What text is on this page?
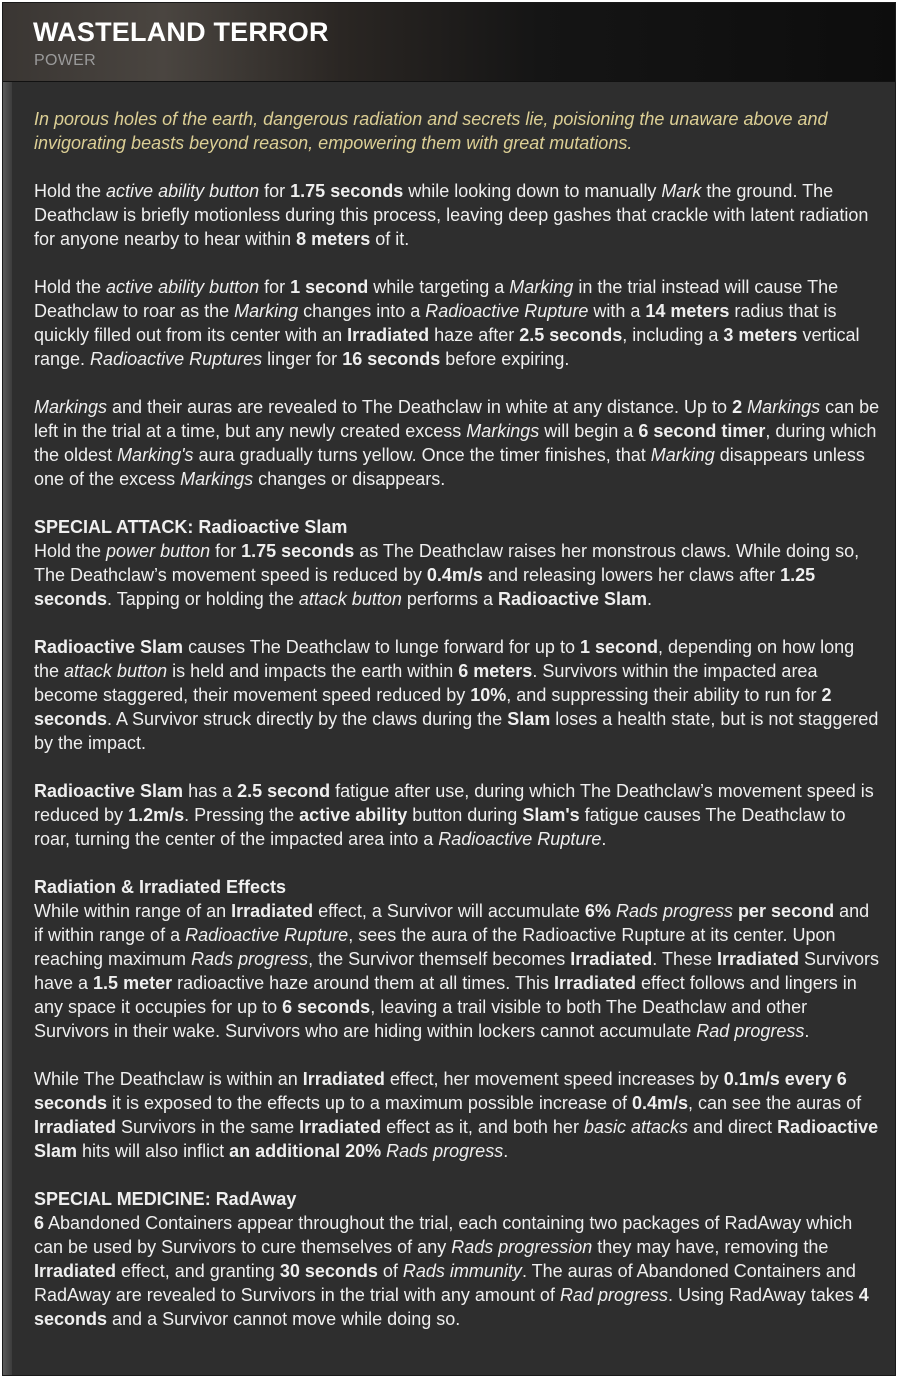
WASTELAND TERROR
POWER

In porous holes of the earth, dangerous radiation and secrets lie, poisioning the unaware above and invigorating beasts beyond reason, empowering them with great mutations.

Hold the active ability button for 1.75 seconds while looking down to manually Mark the ground. The Deathclaw is briefly motionless during this process, leaving deep gashes that crackle with latent radiation for anyone nearby to hear within 8 meters of it.

Hold the active ability button for 1 second while targeting a Marking in the trial instead will cause The Deathclaw to roar as the Marking changes into a Radioactive Rupture with a 14 meters radius that is quickly filled out from its center with an Irradiated haze after 2.5 seconds, including a 3 meters vertical range. Radioactive Ruptures linger for 16 seconds before expiring.

Markings and their auras are revealed to The Deathclaw in white at any distance. Up to 2 Markings can be left in the trial at a time, but any newly created excess Markings will begin a 6 second timer, during which the oldest Marking's aura gradually turns yellow. Once the timer finishes, that Marking disappears unless one of the excess Markings changes or disappears.

SPECIAL ATTACK: Radioactive Slam
Hold the power button for 1.75 seconds as The Deathclaw raises her monstrous claws. While doing so, The Deathclaw’s movement speed is reduced by 0.4m/s and releasing lowers her claws after 1.25 seconds. Tapping or holding the attack button performs a Radioactive Slam.

Radioactive Slam causes The Deathclaw to lunge forward for up to 1 second, depending on how long the attack button is held and impacts the earth within 6 meters. Survivors within the impacted area become staggered, their movement speed reduced by 10%, and suppressing their ability to run for 2 seconds. A Survivor struck directly by the claws during the Slam loses a health state, but is not staggered by the impact.

Radioactive Slam has a 2.5 second fatigue after use, during which The Deathclaw’s movement speed is reduced by 1.2m/s. Pressing the active ability button during Slam's fatigue causes The Deathclaw to roar, turning the center of the impacted area into a Radioactive Rupture.

Radiation & Irradiated Effects
While within range of an Irradiated effect, a Survivor will accumulate 6% Rads progress per second and if within range of a Radioactive Rupture, sees the aura of the Radioactive Rupture at its center. Upon reaching maximum Rads progress, the Survivor themself becomes Irradiated. These Irradiated Survivors have a 1.5 meter radioactive haze around them at all times. This Irradiated effect follows and lingers in any space it occupies for up to 6 seconds, leaving a trail visible to both The Deathclaw and other Survivors in their wake. Survivors who are hiding within lockers cannot accumulate Rad progress.

While The Deathclaw is within an Irradiated effect, her movement speed increases by 0.1m/s every 6 seconds it is exposed to the effects up to a maximum possible increase of 0.4m/s, can see the auras of Irradiated Survivors in the same Irradiated effect as it, and both her basic attacks and direct Radioactive Slam hits will also inflict an additional 20% Rads progress.

SPECIAL MEDICINE: RadAway
6 Abandoned Containers appear throughout the trial, each containing two packages of RadAway which can be used by Survivors to cure themselves of any Rads progression they may have, removing the Irradiated effect, and granting 30 seconds of Rads immunity. The auras of Abandoned Containers and RadAway are revealed to Survivors in the trial with any amount of Rad progress. Using RadAway takes 4 seconds and a Survivor cannot move while doing so.
